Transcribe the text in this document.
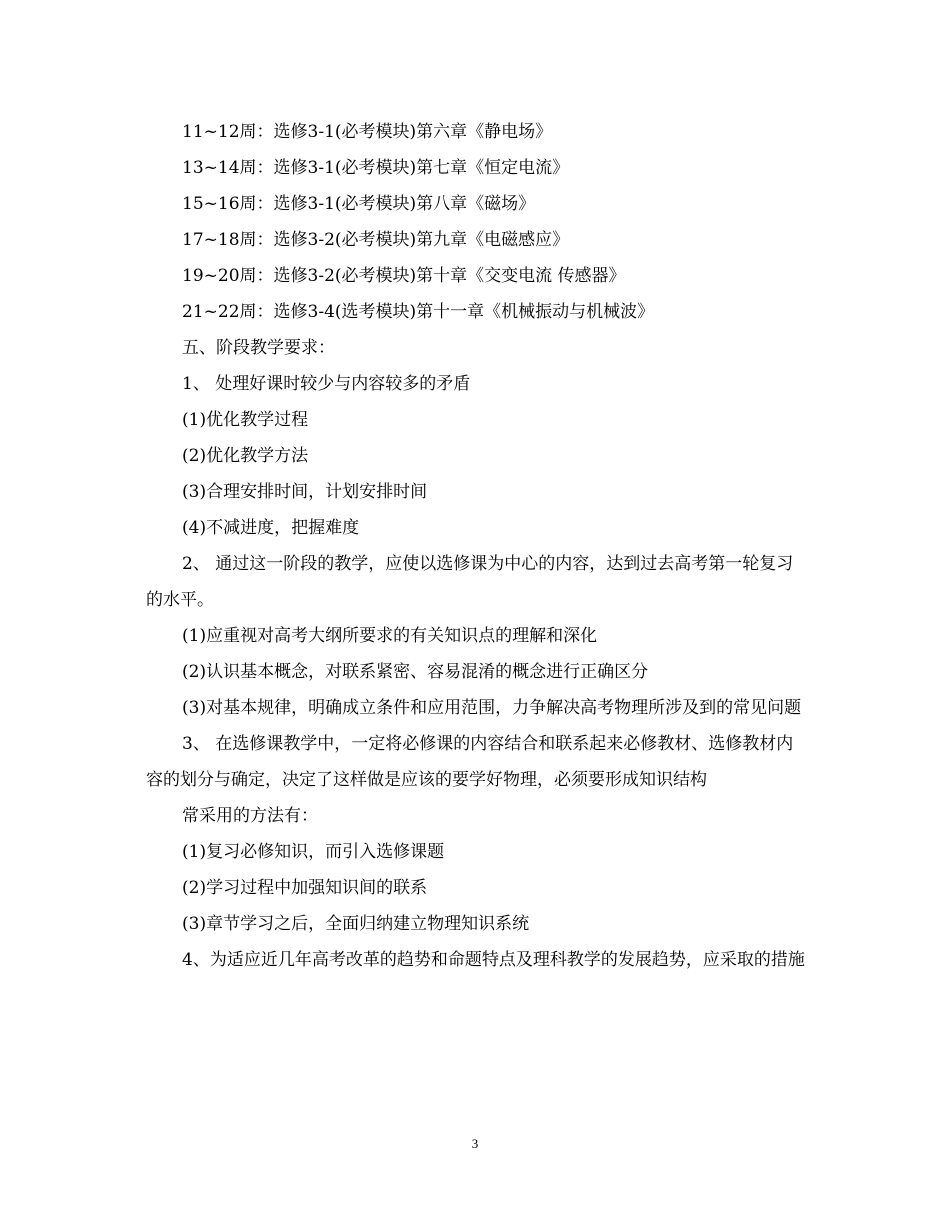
11~12周：选修3-1(必考模块)第六章《静电场》

13~14周：选修3-1(必考模块)第七章《恒定电流》

15~16周：选修3-1(必考模块)第八章《磁场》

17~18周：选修3-2(必考模块)第九章《电磁感应》

19~20周：选修3-2(必考模块)第十章《交变电流 传感器》

21~22周：选修3-4(选考模块)第十一章《机械振动与机械波》

五、阶段教学要求：

1、 处理好课时较少与内容较多的矛盾

(1)优化教学过程

(2)优化教学方法

(3)合理安排时间，计划安排时间

(4)不减进度，把握难度

2、 通过这一阶段的教学，应使以选修课为中心的内容，达到过去高考第一轮复习的水平。

(1)应重视对高考大纲所要求的有关知识点的理解和深化

(2)认识基本概念，对联系紧密、容易混淆的概念进行正确区分

(3)对基本规律，明确成立条件和应用范围，力争解决高考物理所涉及到的常见问题

3、 在选修课教学中，一定将必修课的内容结合和联系起来必修教材、选修教材内容的划分与确定，决定了这样做是应该的要学好物理，必须要形成知识结构

常采用的方法有：

(1)复习必修知识，而引入选修课题

(2)学习过程中加强知识间的联系

(3)章节学习之后，全面归纳建立物理知识系统

4、为适应近几年高考改革的趋势和命题特点及理科教学的发展趋势，应采取的措施

3
